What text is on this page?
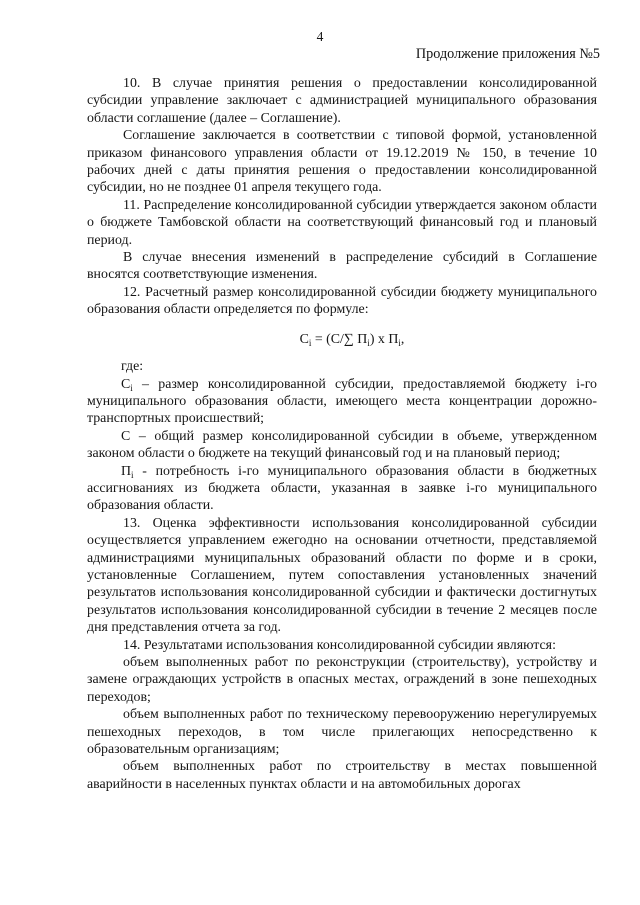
4
Продолжение приложения №5

10. В случае принятия решения о предоставлении консолидированной субсидии управление заключает с администрацией муниципального образования области соглашение (далее – Соглашение).

Соглашение заключается в соответствии с типовой формой, установленной приказом финансового управления области от 19.12.2019 № 150, в течение 10 рабочих дней с даты принятия решения о предоставлении консолидированной субсидии, но не позднее 01 апреля текущего года.

11. Распределение консолидированной субсидии утверждается законом области о бюджете Тамбовской области на соответствующий финансовый год и плановый период.

В случае внесения изменений в распределение субсидий в Соглашение вносятся соответствующие изменения.

12. Расчетный размер консолидированной субсидии бюджету муниципального образования области определяется по формуле:

$C_i = (C/\sum$ $П_i$) x $П_i$,

где:

$C_i$ – размер консолидированной субсидии, предоставляемой бюджету i-го муниципального образования области, имеющего места концентрации дорожно-транспортных происшествий;

C – общий размер консолидированной субсидии в объеме, утвержденном законом области о бюджете на текущий финансовый год и на плановый период;

$П_i$ - потребность i-го муниципального образования области в бюджетных ассигнованиях из бюджета области, указанная в заявке i-го муниципального образования области.

13. Оценка эффективности использования консолидированной субсидии осуществляется управлением ежегодно на основании отчетности, представляемой администрациями муниципальных образований области по форме и в сроки, установленные Соглашением, путем сопоставления установленных значений результатов использования консолидированной субсидии и фактически достигнутых результатов использования консолидированной субсидии в течение 2 месяцев после дня представления отчета за год.

14. Результатами использования консолидированной субсидии являются:

объем выполненных работ по реконструкции (строительству), устройству и замене ограждающих устройств в опасных местах, ограждений в зоне пешеходных переходов;

объем выполненных работ по техническому перевооружению нерегулируемых пешеходных переходов, в том числе прилегающих непосредственно к образовательным организациям;

объем выполненных работ по строительству в местах повышенной аварийности в населенных пунктах области и на автомобильных дорогах
